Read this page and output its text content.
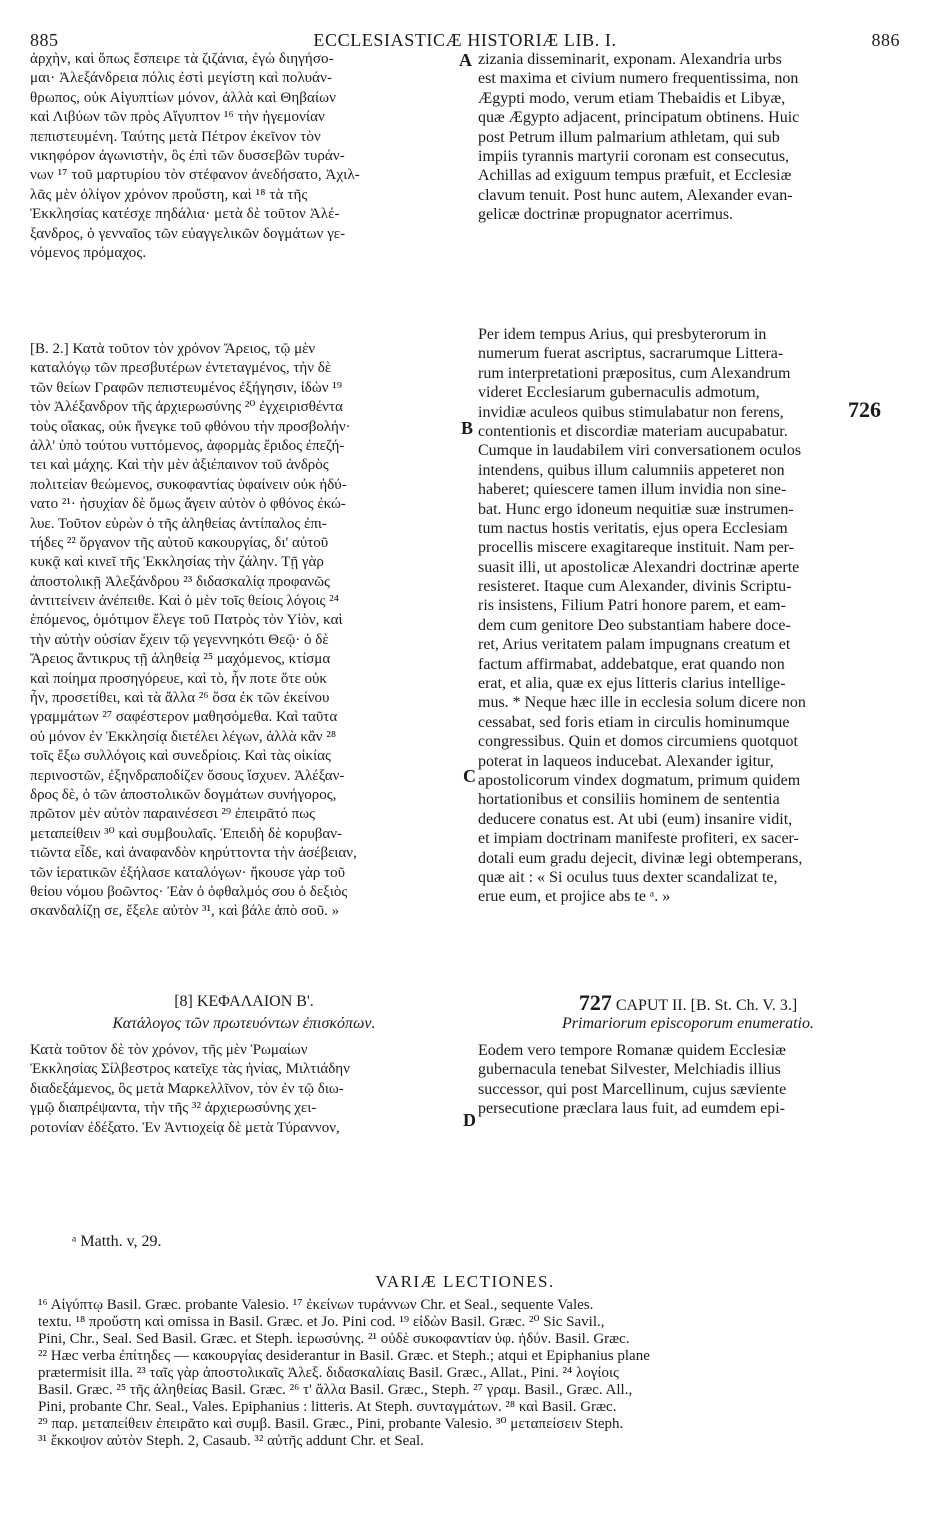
885	ECCLESIASTICÆ HISTORIÆ LIB. I.	886
ἀρχὴν, καὶ ὅπως ἔσπειρε τὰ ζιζάνια, ἐγὼ διηγήσο-
μαι· Ἀλεξάνδρεια πόλις ἐστὶ μεγίστη καὶ πολυάν-
θρωπος, οὐκ Αἰγυπτίων μόνον, ἀλλὰ καὶ Θηβαίων
καὶ Λιβύων τῶν πρὸς Αἴγυπτον ¹⁶ τὴν ἡγεμονίαν
πεπιστευμένη. Ταύτης μετὰ Πέτρον ἐκεῖνον τὸν
νικηφόρον ἀγωνιστὴν, ὃς ἐπὶ τῶν δυσσεβῶν τυράν-
νων ¹⁷ τοῦ μαρτυρίου τὸν στέφανον ἀνεδήσατο, Ἀχιλ-
λᾶς μὲν ὀλίγον χρόνον προὔστη, καὶ ¹⁸ τὰ τῆς
Ἐκκλησίας κατέσχε πηδάλια· μετὰ δὲ τοῦτον Ἀλέ-
ξανδρος, ὁ γενναῖος τῶν εὐαγγελικῶν δογμάτων γε-
νόμενος πρόμαχος.
zizania disseminarit, exponam. Alexandria urbs
est maxima et civium numero frequentissima, non
Ægypti modo, verum etiam Thebaidis et Libyæ,
quæ Ægypto adjacent, principatum obtinens. Huic
post Petrum illum palmarium athletam, qui sub
impiis tyrannis martyrii coronam est consecutus,
Achillas ad exiguum tempus præfuit, et Ecclesiæ
clavum tenuit. Post hunc autem, Alexander evan-
gelicæ doctrinæ propugnator acerrimus.
[B. 2.] Κατὰ τοῦτον τὸν χρόνον Ἄρειος, τῷ μὲν
καταλόγῳ τῶν πρεσβυτέρων ἐντεταγμένος, τὴν δὲ
τῶν θείων Γραφῶν πεπιστευμένος ἐξήγησιν, ἰδὼν ¹⁹
τὸν Ἀλέξανδρον τῆς ἀρχιερωσύνης ²⁰ ἐγχειρισθέντα
τοὺς οἴακας, οὐκ ἤνεγκε τοῦ φθόνου τὴν προσβολήν·
ἀλλ' ὑπὸ τούτου νυττόμενος, ἀφορμὰς ἔριδος ἐπεζή-
τει καὶ μάχης. Καὶ τὴν μὲν ἀξιέπαινον τοῦ ἀνδρὸς
πολιτείαν θεώμενος, συκοφαντίας ὑφαίνειν οὐκ ἠδύ-
νατο ²¹· ἡσυχίαν δὲ ὅμως ἄγειν αὐτὸν ὁ φθόνος ἐκώ-
λυε. Τοῦτον εὑρὼν ὁ τῆς ἀληθείας ἀντίπαλος ἐπι-
τήδες ²² ὄργανον τῆς αὐτοῦ κακουργίας, δι' αὐτοῦ
κυκᾷ καὶ κινεῖ τῆς Ἐκκλησίας τὴν ζάλην. Τῇ γὰρ
ἀποστολικῇ Ἀλεξάνδρου ²³ διδασκαλίᾳ προφανῶς
ἀντιτείνειν ἀνέπειθε. Καὶ ὁ μὲν τοῖς θείοις λόγοις ²⁴
ἑπόμενος, ὁμότιμον ἔλεγε τοῦ Πατρὸς τὸν Υἱὸν, καὶ
τὴν αὐτὴν οὐσίαν ἔχειν τῷ γεγεννηκότι Θεῷ· ὁ δὲ
Ἄρειος ἄντικρυς τῇ ἀληθείᾳ ²⁵ μαχόμενος, κτίσμα
καὶ ποίημα προσηγόρευε, καὶ τὸ, ἦν ποτε ὅτε οὐκ
ἦν, προσετίθει, καὶ τὰ ἄλλα ²⁶ ὅσα ἐκ τῶν ἐκείνου
γραμμάτων ²⁷ σαφέστερον μαθησόμεθα. Καὶ ταῦτα
οὐ μόνον ἐν Ἐκκλησίᾳ διετέλει λέγων, ἀλλὰ κἂν ²⁸
τοῖς ἔξω συλλόγοις καὶ συνεδρίοις. Καὶ τὰς οἰκίας
περινοστῶν, ἐξηνδραποδίζεν ὅσους ἴσχυεν. Ἀλέξαν-
δρος δὲ, ὁ τῶν ἀποστολικῶν δογμάτων συνήγορος,
πρῶτον μὲν αὐτὸν παραινέσεσι ²⁹ ἐπειρᾶτό πως
μεταπείθειν ³⁰ καὶ συμβουλαῖς. Ἐπειδὴ δὲ κορυβαν-
τιῶντα εἶδε, καὶ ἀναφανδὸν κηρύττοντα τὴν ἀσέβειαν,
τῶν ἱερατικῶν ἐξήλασε καταλόγων· ἤκουσε γὰρ τοῦ
θείου νόμου βοῶντος· Ἐὰν ὁ ὀφθαλμός σου ὁ δεξιὸς
σκανδαλίζῃ σε, ἔξελε αὐτὸν ³¹, καὶ βάλε ἀπὸ σοῦ. »
Per idem tempus Arius, qui presbyterorum in
numerum fuerat ascriptus, sacrarumque Littera-
rum interpretationi præpositus, cum Alexandrum
videret Ecclesiarum gubernaculis admotum,
invidiæ aculeos quibus stimulabatur non ferens,
contentionis et discordiæ materiam aucupabatur.
Cumque in laudabilem viri conversationem oculos
intendens, quibus illum calumniis appeteret non
haberet; quiescere tamen illum invidia non sine-
bat. Hunc ergo idoneum nequitiæ suæ instrumen-
tum nactus hostis veritatis, ejus opera Ecclesiam
procellis miscere exagitareque instituit. Nam per-
suasit illi, ut apostolicæ Alexandri doctrinæ aperte
resisteret. Itaque cum Alexander, divinis Scriptu-
ris insistens, Filium Patri honore parem, et eam-
dem cum genitore Deo substantiam habere doce-
ret, Arius veritatem palam impugnans creatum et
factum affirmabat, addebatque, erat quando non
erat, et alia, quæ ex ejus litteris clarius intellige-
mus. * Neque hæc ille in ecclesia solum dicere non
cessabat, sed foris etiam in circulis hominumque
congressibus. Quin et domos circumiens quotquot
poterat in laqueos inducebat. Alexander igitur,
apostolicorum vindex dogmatum, primum quidem
hortationibus et consiliis hominem de sententia
deducere conatus est. At ubi (eum) insanire vidit,
et impiam doctrinam manifeste profiteri, ex sacer-
dotali eum gradu dejecit, divinæ legi obtemperans,
quæ ait : « Si oculus tuus dexter scandalizat te,
erue eum, et projice abs te ᵃ. »
A
B
C
D
726
[8] ΚΕΦΑΛΑΙΟΝ Β'.
Κατάλογος τῶν πρωτευόντων ἐπισκόπων.
727 CAPUT II. [B. St. Ch. V. 3.]
Primariorum episcoporum enumeratio.
Κατὰ τοῦτον δὲ τὸν χρόνον, τῆς μὲν Ῥωμαίων
Ἐκκλησίας Σίλβεστρος κατεῖχε τὰς ἡνίας, Μιλτιάδην
διαδεξάμενος, ὃς μετὰ Μαρκελλῖνον, τὸν ἐν τῷ διω-
γμῷ διαπρέψαντα, τὴν τῆς ³² ἀρχιερωσύνης χει-
ροτονίαν ἐδέξατο. Ἐν Ἀντιοχείᾳ δὲ μετὰ Τύραννον,
Eodem vero tempore Romanæ quidem Ecclesiæ
gubernacula tenebat Silvester, Melchiadis illius
successor, qui post Marcellinum, cujus sæviente
persecutione præclara laus fuit, ad eumdem epi-
ᵃ Matth. v, 29.
VARIÆ LECTIONES.
¹⁶ Αἰγύπτῳ Basil. Græc. probante Valesio. ¹⁷ ἐκείνων τυράννων Chr. et Seal., sequente Vales.
textu. ¹⁸ προὔστη καὶ omissa in Basil. Græc. et Jo. Pini cod. ¹⁹ εἰδὼν Basil. Græc. ²⁰ Sic Savil.,
Pini, Chr., Seal. Sed Basil. Græc. et Steph. ἱερωσύνης. ²¹ οὐδὲ συκοφαντίαν ὑφ. ἠδύν. Basil. Græc.
²² Hæc verba ἐπίτηδες — κακουργίας desiderantur in Basil. Græc. et Steph.; atqui et Epiphanius plane
prætermisit illa. ²³ ταῖς γὰρ ἀποστολικαῖς Ἀλεξ. διδασκαλίαις Basil. Græc., Allat., Pini. ²⁴ λογίοις
Basil. Græc. ²⁵ τῆς ἀληθείας Basil. Græc. ²⁶ τ' ἄλλα Basil. Græc., Steph. ²⁷ γραμ. Basil., Græc. All.,
Pini, probante Chr. Seal., Vales. Epiphanius : litteris. At Steph. συνταγμάτων. ²⁸ καὶ Basil. Græc.
²⁹ παρ. μεταπείθειν ἐπειρᾶτο καὶ συμβ. Basil. Græc., Pini, probante Valesio. ³⁰ μεταπείσειν Steph.
³¹ ἔκκοψον αὐτὸν Steph. 2, Casaub. ³² αὐτῆς addunt Chr. et Seal.
